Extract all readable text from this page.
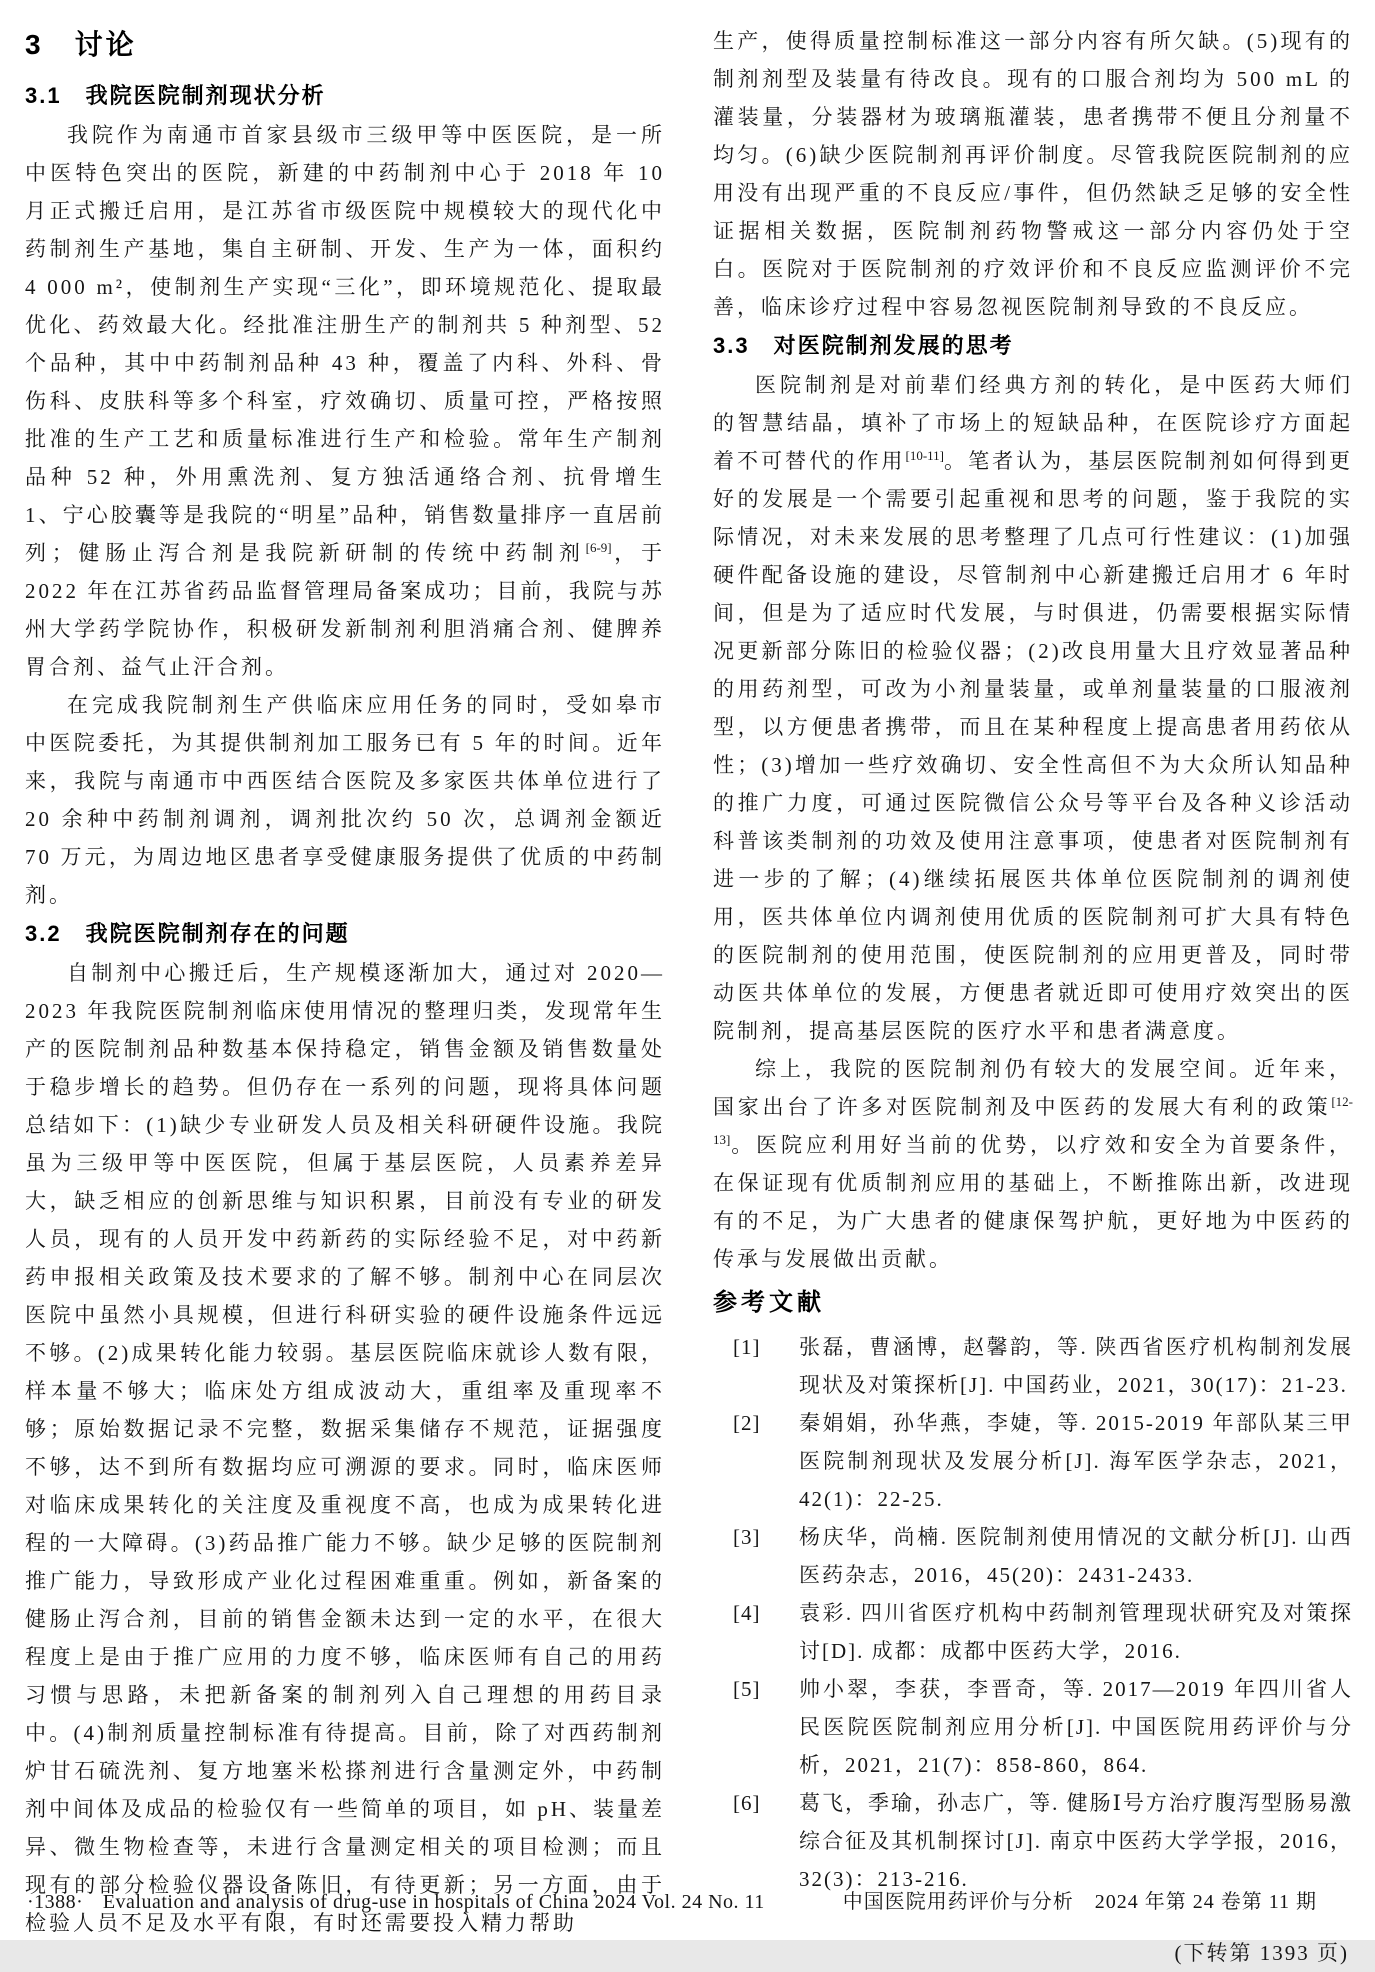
3　讨论
3.1　我院医院制剂现状分析

我院作为南通市首家县级市三级甲等中医医院，是一所中医特色突出的医院，新建的中药制剂中心于 2018 年 10 月正式搬迁启用，是江苏省市级医院中规模较大的现代化中药制剂生产基地，集自主研制、开发、生产为一体，面积约 4 000 m²，使制剂生产实现“三化”，即环境规范化、提取最优化、药效最大化。经批准注册生产的制剂共 5 种剂型、52 个品种，其中中药制剂品种 43 种，覆盖了内科、外科、骨伤科、皮肤科等多个科室，疗效确切、质量可控，严格按照批准的生产工艺和质量标准进行生产和检验。常年生产制剂品种 52 种，外用熏洗剂、复方独活通络合剂、抗骨增生 1、宁心胶囊等是我院的“明星”品种，销售数量排序一直居前列；健肠止泻合剂是我院新研制的传统中药制剂[6-9]，于 2022 年在江苏省药品监督管理局备案成功；目前，我院与苏州大学药学院协作，积极研发新制剂利胆消痛合剂、健脾养胃合剂、益气止汗合剂。

在完成我院制剂生产供临床应用任务的同时，受如皋市中医院委托，为其提供制剂加工服务已有 5 年的时间。近年来，我院与南通市中西医结合医院及多家医共体单位进行了 20 余种中药制剂调剂，调剂批次约 50 次，总调剂金额近 70 万元，为周边地区患者享受健康服务提供了优质的中药制剂。

3.2　我院医院制剂存在的问题

自制剂中心搬迁后，生产规模逐渐加大，通过对 2020—2023 年我院医院制剂临床使用情况的整理归类，发现常年生产的医院制剂品种数基本保持稳定，销售金额及销售数量处于稳步增长的趋势。但仍存在一系列的问题，现将具体问题总结如下：(1)缺少专业研发人员及相关科研硬件设施。我院虽为三级甲等中医医院，但属于基层医院，人员素养差异大，缺乏相应的创新思维与知识积累，目前没有专业的研发人员，现有的人员开发中药新药的实际经验不足，对中药新药申报相关政策及技术要求的了解不够。制剂中心在同层次医院中虽然小具规模，但进行科研实验的硬件设施条件远远不够。(2)成果转化能力较弱。基层医院临床就诊人数有限，样本量不够大；临床处方组成波动大，重组率及重现率不够；原始数据记录不完整，数据采集储存不规范，证据强度不够，达不到所有数据均应可溯源的要求。同时，临床医师对临床成果转化的关注度及重视度不高，也成为成果转化进程的一大障碍。(3)药品推广能力不够。缺少足够的医院制剂推广能力，导致形成产业化过程困难重重。例如，新备案的健肠止泻合剂，目前的销售金额未达到一定的水平，在很大程度上是由于推广应用的力度不够，临床医师有自己的用药习惯与思路，未把新备案的制剂列入自己理想的用药目录中。(4)制剂质量控制标准有待提高。目前，除了对西药制剂炉甘石硫洗剂、复方地塞米松搽剂进行含量测定外，中药制剂中间体及成品的检验仅有一些简单的项目，如 pH、装量差异、微生物检查等，未进行含量测定相关的项目检测；而且现有的部分检验仪器设备陈旧，有待更新；另一方面，由于检验人员不足及水平有限，有时还需要投入精力帮助

生产，使得质量控制标准这一部分内容有所欠缺。(5)现有的制剂剂型及装量有待改良。现有的口服合剂均为 500 mL 的灌装量，分装器材为玻璃瓶灌装，患者携带不便且分剂量不均匀。(6)缺少医院制剂再评价制度。尽管我院医院制剂的应用没有出现严重的不良反应/事件，但仍然缺乏足够的安全性证据相关数据，医院制剂药物警戒这一部分内容仍处于空白。医院对于医院制剂的疗效评价和不良反应监测评价不完善，临床诊疗过程中容易忽视医院制剂导致的不良反应。

3.3　对医院制剂发展的思考

医院制剂是对前辈们经典方剂的转化，是中医药大师们的智慧结晶，填补了市场上的短缺品种，在医院诊疗方面起着不可替代的作用[10-11]。笔者认为，基层医院制剂如何得到更好的发展是一个需要引起重视和思考的问题，鉴于我院的实际情况，对未来发展的思考整理了几点可行性建议：(1)加强硬件配备设施的建设，尽管制剂中心新建搬迁启用才 6 年时间，但是为了适应时代发展，与时俱进，仍需要根据实际情况更新部分陈旧的检验仪器；(2)改良用量大且疗效显著品种的用药剂型，可改为小剂量装量，或单剂量装量的口服液剂型，以方便患者携带，而且在某种程度上提高患者用药依从性；(3)增加一些疗效确切、安全性高但不为大众所认知品种的推广力度，可通过医院微信公众号等平台及各种义诊活动科普该类制剂的功效及使用注意事项，使患者对医院制剂有进一步的了解；(4)继续拓展医共体单位医院制剂的调剂使用，医共体单位内调剂使用优质的医院制剂可扩大具有特色的医院制剂的使用范围，使医院制剂的应用更普及，同时带动医共体单位的发展，方便患者就近即可使用疗效突出的医院制剂，提高基层医院的医疗水平和患者满意度。

综上，我院的医院制剂仍有较大的发展空间。近年来，国家出台了许多对医院制剂及中医药的发展大有利的政策[12-13]。医院应利用好当前的优势，以疗效和安全为首要条件，在保证现有优质制剂应用的基础上，不断推陈出新，改进现有的不足，为广大患者的健康保驾护航，更好地为中医药的传承与发展做出贡献。

参考文献
[1]	张磊，曹涵博，赵馨韵，等. 陕西省医疗机构制剂发展现状及对策探析[J]. 中国药业，2021，30(17)：21-23.
[2]	秦娟娟，孙华燕，李婕，等. 2015-2019 年部队某三甲医院制剂现状及发展分析[J]. 海军医学杂志，2021，42(1)：22-25.
[3]	杨庆华，尚楠. 医院制剂使用情况的文献分析[J]. 山西医药杂志，2016，45(20)：2431-2433.
[4]	袁彩. 四川省医疗机构中药制剂管理现状研究及对策探讨[D]. 成都：成都中医药大学，2016.
[5]	帅小翠，李获，李晋奇，等. 2017—2019 年四川省人民医院医院制剂应用分析[J]. 中国医院用药评价与分析，2021，21(7)：858-860，864.
[6]	葛飞，季瑜，孙志广，等. 健肠Ⅰ号方治疗腹泻型肠易激综合征及其机制探讨[J]. 南京中医药大学学报，2016，32(3)：213-216.
(下转第 1393 页)
·1388· Evaluation and analysis of drug-use in hospitals of China 2024 Vol. 24 No. 11	中国医院用药评价与分析　2024 年第 24 卷第 11 期
